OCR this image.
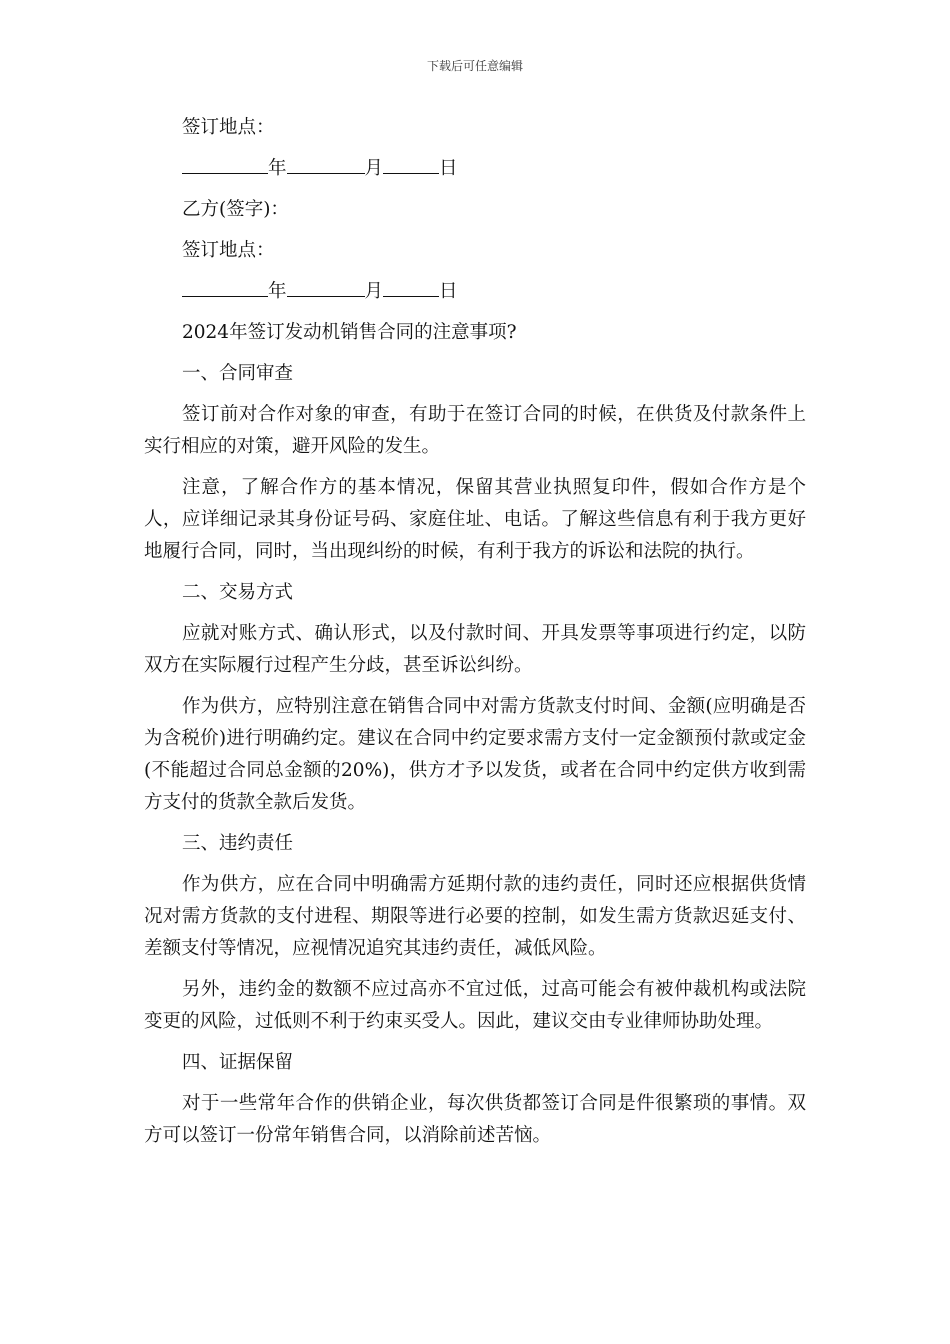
下载后可任意编辑

签订地点：

年	月	日

乙方(签字)：

签订地点：

年	月	日

2024年签订发动机销售合同的注意事项?

一、合同审查

签订前对合作对象的审查，有助于在签订合同的时候，在供货及付款条件上实行相应的对策，避开风险的发生。

注意，了解合作方的基本情况，保留其营业执照复印件，假如合作方是个人，应详细记录其身份证号码、家庭住址、电话。了解这些信息有利于我方更好地履行合同，同时，当出现纠纷的时候，有利于我方的诉讼和法院的执行。

二、交易方式

应就对账方式、确认形式，以及付款时间、开具发票等事项进行约定，以防双方在实际履行过程产生分歧，甚至诉讼纠纷。

作为供方，应特别注意在销售合同中对需方货款支付时间、金额(应明确是否为含税价)进行明确约定。建议在合同中约定要求需方支付一定金额预付款或定金(不能超过合同总金额的20%)，供方才予以发货，或者在合同中约定供方收到需方支付的货款全款后发货。

三、违约责任

作为供方，应在合同中明确需方延期付款的违约责任，同时还应根据供货情况对需方货款的支付进程、期限等进行必要的控制，如发生需方货款迟延支付、差额支付等情况，应视情况追究其违约责任，减低风险。

另外，违约金的数额不应过高亦不宜过低，过高可能会有被仲裁机构或法院变更的风险，过低则不利于约束买受人。因此，建议交由专业律师协助处理。

四、证据保留

对于一些常年合作的供销企业，每次供货都签订合同是件很繁琐的事情。双方可以签订一份常年销售合同，以消除前述苦恼。
